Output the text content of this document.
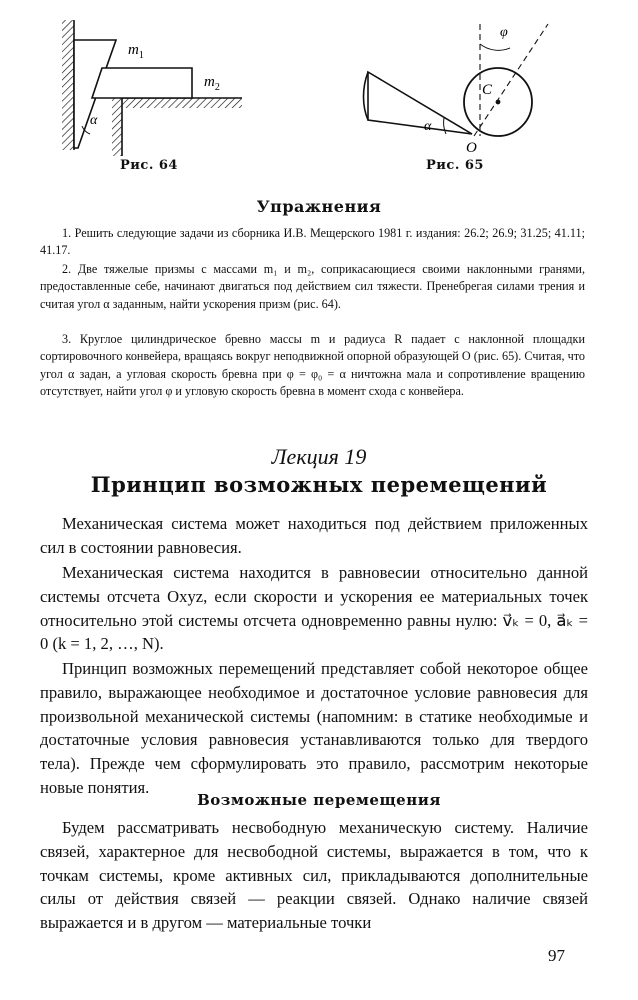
α
$m_1$
$m_2$
Рис. 64
φ
C
α
O
Рис. 65
Упражнения

1. Решить следующие задачи из сборника И.В. Мещерского 1981 г. издания: 26.2; 26.9; 31.25; 41.11; 41.17.

2. Две тяжелые призмы с массами m₁ и m₂, соприкасающиеся своими наклонными гранями, предоставленные себе, начинают двигаться под действием сил тяжести. Пренебрегая силами трения и считая угол α заданным, найти ускорения призм (рис. 64).

3. Круглое цилиндрическое бревно массы m и радиуса R падает с наклонной площадки сортировочного конвейера, вращаясь вокруг неподвижной опорной образующей O (рис. 65). Считая, что угол α задан, а угловая скорость бревна при φ = φ₀ = α ничтожна мала и сопротивление вращению отсутствует, найти угол φ и угловую скорость бревна в момент схода с конвейера.

Лекция 19
Принцип возможных перемещений

Механическая система может находиться под действием приложенных сил в состоянии равновесия.

Механическая система находится в равновесии относительно данной системы отсчета Oxyz, если скорости и ускорения ее материальных точек относительно этой системы отсчета одновременно равны нулю: v⃗ₖ = 0, a⃗ₖ = 0 (k = 1, 2, …, N).

Принцип возможных перемещений представляет собой некоторое общее правило, выражающее необходимое и достаточное условие равновесия для произвольной механической системы (напомним: в статике необходимые и достаточные условия равновесия устанавливаются только для твердого тела). Прежде чем сформулировать это правило, рассмотрим некоторые новые понятия.

Возможные перемещения

Будем рассматривать несвободную механическую систему. Наличие связей, характерное для несвободной системы, выражается в том, что к точкам системы, кроме активных сил, прикладываются дополнительные силы от действия связей — реакции связей. Однако наличие связей выражается и в другом — материальные точки

97
